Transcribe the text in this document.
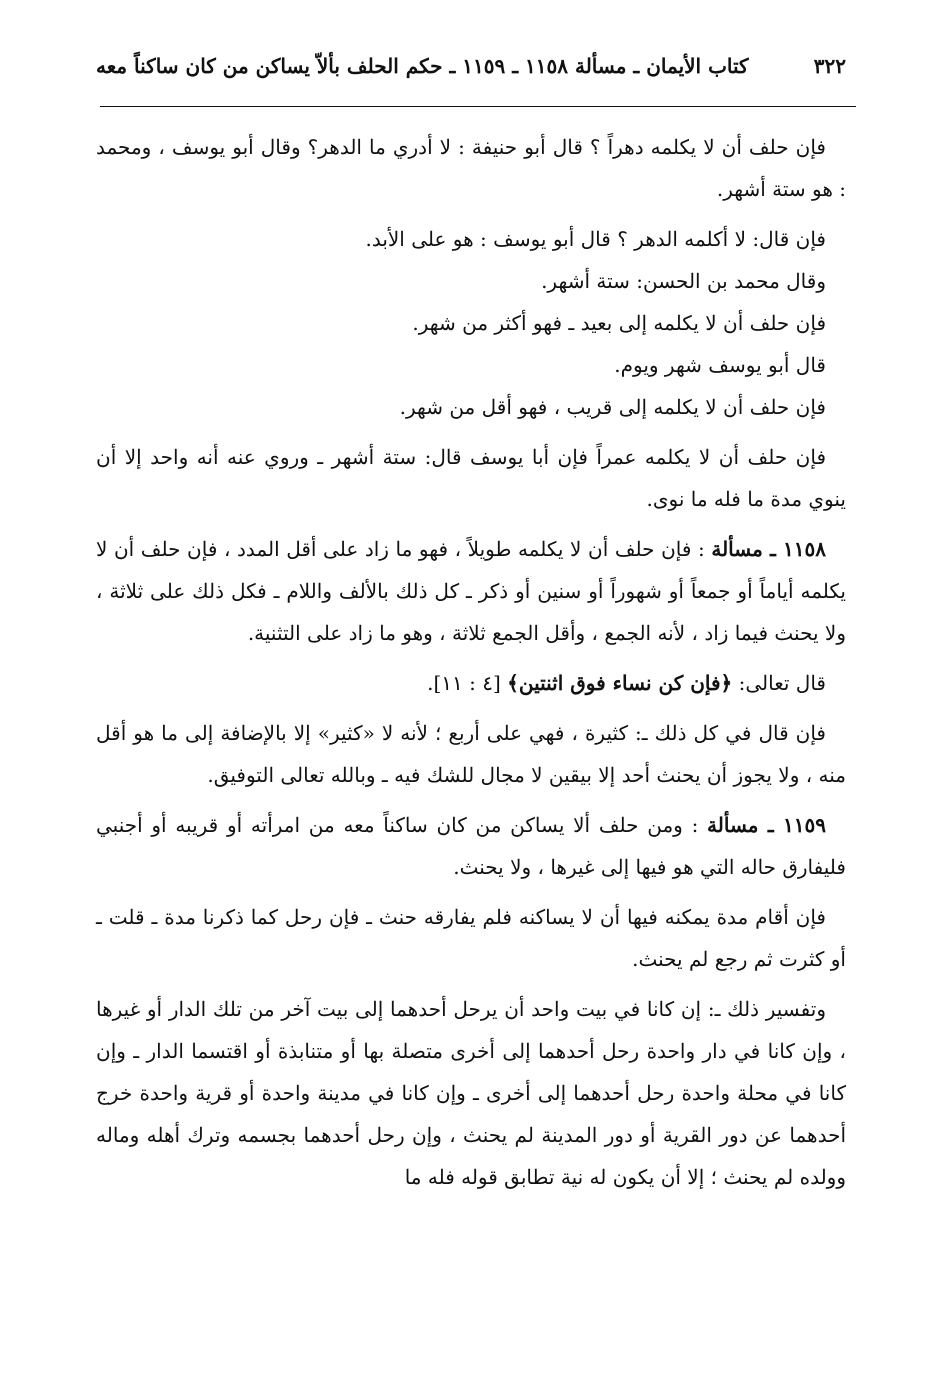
٣٢٢
كتاب الأيمان ـ مسألة ١١٥٨ ـ ١١٥٩ ـ حكم الحلف بألاّ يساكن من كان ساكناً معه

فإن حلف أن لا يكلمه دهراً ؟ قال أبو حنيفة : لا أدري ما الدهر؟ وقال أبو يوسف ، ومحمد : هو ستة أشهر.

فإن قال: لا أكلمه الدهر ؟ قال أبو يوسف : هو على الأبد.

وقال محمد بن الحسن: ستة أشهر.

فإن حلف أن لا يكلمه إلى بعيد ـ فهو أكثر من شهر.

قال أبو يوسف شهر ويوم.

فإن حلف أن لا يكلمه إلى قريب ، فهو أقل من شهر.

فإن حلف أن لا يكلمه عمراً فإن أبا يوسف قال: ستة أشهر ـ وروي عنه أنه واحد إلا أن ينوي مدة ما فله ما نوى.

١١٥٨ ـ مسألة : فإن حلف أن لا يكلمه طويلاً ، فهو ما زاد على أقل المدد ، فإن حلف أن لا يكلمه أياماً أو جمعاً أو شهوراً أو سنين أو ذكر ـ كل ذلك بالألف واللام ـ فكل ذلك على ثلاثة ، ولا يحنث فيما زاد ، لأنه الجمع ، وأقل الجمع ثلاثة ، وهو ما زاد على التثنية.

قال تعالى: ﴿فإن كن نساء فوق اثنتين﴾ [٤ : ١١].

فإن قال في كل ذلك ـ: كثيرة ، فهي على أربع ؛ لأنه لا «كثير» إلا بالإضافة إلى ما هو أقل منه ، ولا يجوز أن يحنث أحد إلا بيقين لا مجال للشك فيه ـ وبالله تعالى التوفيق.

١١٥٩ ـ مسألة : ومن حلف ألا يساكن من كان ساكناً معه من امرأته أو قريبه أو أجنبي فليفارق حاله التي هو فيها إلى غيرها ، ولا يحنث.

فإن أقام مدة يمكنه فيها أن لا يساكنه فلم يفارقه حنث ـ فإن رحل كما ذكرنا مدة ـ قلت ـ أو كثرت ثم رجع لم يحنث.

وتفسير ذلك ـ: إن كانا في بيت واحد أن يرحل أحدهما إلى بيت آخر من تلك الدار أو غيرها ، وإن كانا في دار واحدة رحل أحدهما إلى أخرى متصلة بها أو متنابذة أو اقتسما الدار ـ وإن كانا في محلة واحدة رحل أحدهما إلى أخرى ـ وإن كانا في مدينة واحدة أو قرية واحدة خرج أحدهما عن دور القرية أو دور المدينة لم يحنث ، وإن رحل أحدهما بجسمه وترك أهله وماله وولده لم يحنث ؛ إلا أن يكون له نية تطابق قوله فله ما
